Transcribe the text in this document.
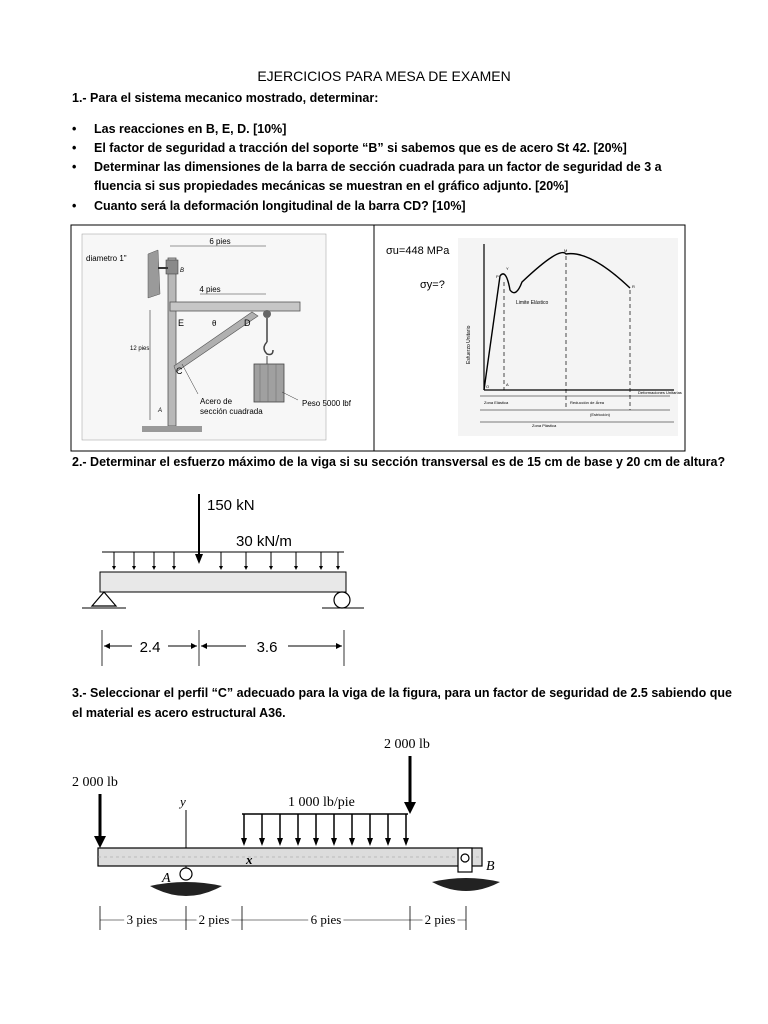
EJERCICIOS PARA MESA DE EXAMEN
1.- Para el sistema mecanico mostrado, determinar:
• Las reacciones en B, E, D. [10%]
• El factor de seguridad a tracción del soporte “B” si sabemos que es de acero St 42. [20%]
• Determinar las dimensiones de la barra de sección cuadrada para un factor de seguridad de 3 a fluencia si sus propiedades mecánicas se muestran en el gráfico adjunto. [20%]
• Cuanto será la deformación longitudinal de la barra CD? [10%]
6 pies
diametro 1"
B
4 pies
E	D
θ
12 pies
C
Acero de
sección cuadrada
Peso 5000 lbf
A
σu=448 MPa
σy=?
Limite Elástico
Esfuerzo Unitario
Deformaciones Unitarias
Zona Elástica	Reducción de Área
(Estricción)
Zona Plástica
O
P
Y
M
R
A
2.- Determinar el esfuerzo máximo de la viga si su sección transversal es de 15 cm de base y 20 cm de altura?
150 kN
30 kN/m
2.4	3.6
3.- Seleccionar el perfil “C” adecuado para la viga de la figura, para un factor de seguridad de 2.5 sabiendo que
el material es acero estructural A36.
2 000 lb
2 000 lb
1 000 lb/pie
y
x
A
B
3 pies	2 pies	6 pies	2 pies
